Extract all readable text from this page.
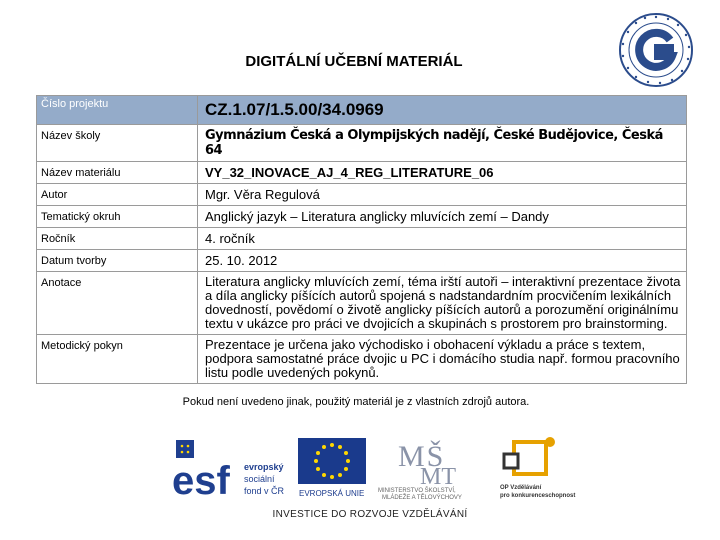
DIGITÁLNÍ UČEBNÍ MATERIÁL
Číslo projektu	CZ.1.07/1.5.00/34.0969
Název školy	Gymnázium Česká a Olympijských nadějí, České Budějovice, Česká 64
Název materiálu	VY_32_INOVACE_AJ_4_REG_LITERATURE_06
Autor	Mgr. Věra Regulová
Tematický okruh	Anglický jazyk – Literatura anglicky mluvících zemí – Dandy
Ročník	4. ročník
Datum tvorby	25. 10. 2012
Anotace	Literatura anglicky mluvících zemí, téma irští autoři – interaktivní prezentace života a díla anglicky píšících autorů spojená s nadstandardním procvičením lexikálních dovedností, povědomí o životě anglicky píšících autorů a porozumění originálnímu textu v ukázce pro práci ve dvojicích a skupinách s prostorem pro brainstorming.
Metodický pokyn	Prezentace je určena jako východisko i obohacení výkladu a práce s textem, podpora samostatné práce dvojic u PC i domácího studia např. formou pracovního listu podle uvedených pokynů.
Pokud není uvedeno jinak, použitý materiál je z vlastních zdrojů autora.
esf evropský
sociální
fond v ČR EVROPSKÁ UNIE
MŠ
MT
MINISTERSTVO ŠKOLSTVÍ,
MLÁDEŽE A TĚLOVÝCHOVY
OP Vzdělávání
pro konkurenceschopnost
INVESTICE DO ROZVOJE VZDĚLÁVÁNÍ
